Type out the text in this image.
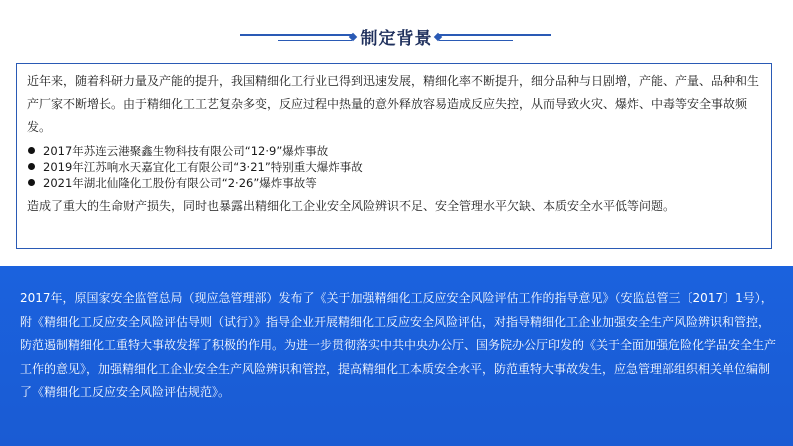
制定背景

近年来，随着科研力量及产能的提升，我国精细化工行业已得到迅速发展，精细化率不断提升，细分品种与日剧增，产能、产量、品种和生产厂家不断增长。由于精细化工工艺复杂多变，反应过程中热量的意外释放容易造成反应失控，从而导致火灾、爆炸、中毒等安全事故频发。

2017年苏连云港聚鑫生物科技有限公司“12·9”爆炸事故
2019年江苏响水天嘉宜化工有限公司“3·21”特别重大爆炸事故
2021年湖北仙隆化工股份有限公司“2·26”爆炸事故等

造成了重大的生命财产损失，同时也暴露出精细化工企业安全风险辨识不足、安全管理水平欠缺、本质安全水平低等问题。

2017年，原国家安全监管总局（现应急管理部）发布了《关于加强精细化工反应安全风险评估工作的指导意见》（安监总管三〔2017〕1号），附《精细化工反应安全风险评估导则（试行）》指导企业开展精细化工反应安全风险评估，对指导精细化工企业加强安全生产风险辨识和管控，防范遏制精细化工重特大事故发挥了积极的作用。为进一步贯彻落实中共中央办公厅、国务院办公厅印发的《关于全面加强危险化学品安全生产工作的意见》，加强精细化工企业安全生产风险辨识和管控，提高精细化工本质安全水平，防范重特大事故发生，应急管理部组织相关单位编制了《精细化工反应安全风险评估规范》。
